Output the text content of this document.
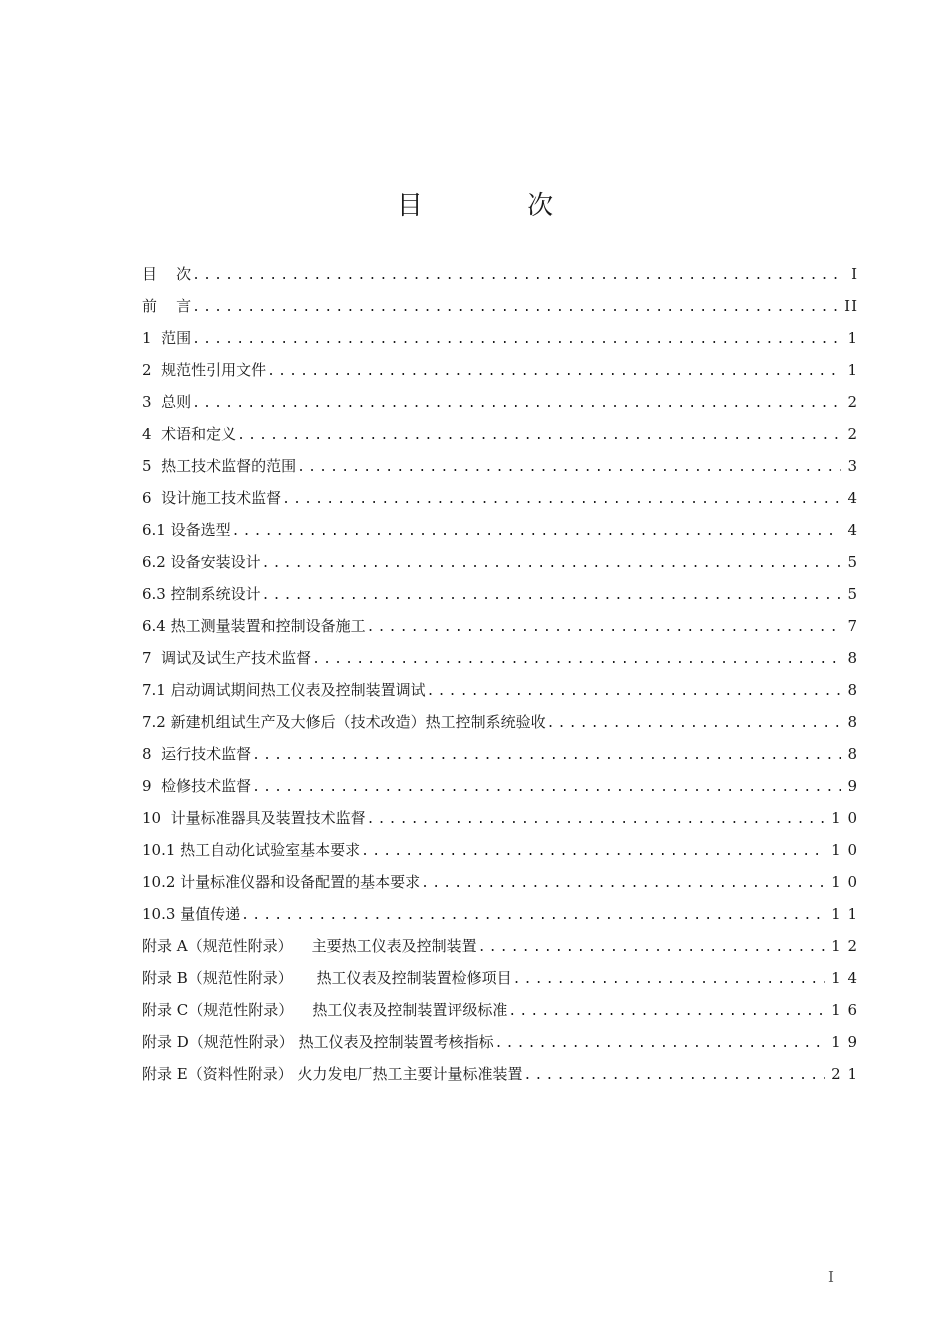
目 次
目    次 .....	I
前    言 .....	II
1  范围 .....	1
2  规范性引用文件 .....	1
3  总则 .....	2
4  术语和定义 .....	2
5  热工技术监督的范围 .....	3
6  设计施工技术监督 .....	4
6.1 设备选型 .....	4
6.2 设备安装设计 .....	5
6.3 控制系统设计 .....	5
6.4 热工测量装置和控制设备施工 .....	7
7  调试及试生产技术监督 .....	8
7.1 启动调试期间热工仪表及控制装置调试 .....	8
7.2 新建机组试生产及大修后（技术改造）热工控制系统验收 .....	8
8  运行技术监督 .....	8
9  检修技术监督 .....	9
10  计量标准器具及装置技术监督 .....	1 0
10.1 热工自动化试验室基本要求 .....	1 0
10.2 计量标准仪器和设备配置的基本要求 .....	1 0
10.3 量值传递 .....	1 1
附录 A（规范性附录）    主要热工仪表及控制装置 .....	1 2
附录 B（规范性附录）     热工仪表及控制装置检修项目 .....	1 4
附录 C（规范性附录）    热工仪表及控制装置评级标准 .....	1 6
附录 D（规范性附录） 热工仪表及控制装置考核指标 .....	1 9
附录 E（资料性附录） 火力发电厂热工主要计量标准装置 .....	2 1
I
